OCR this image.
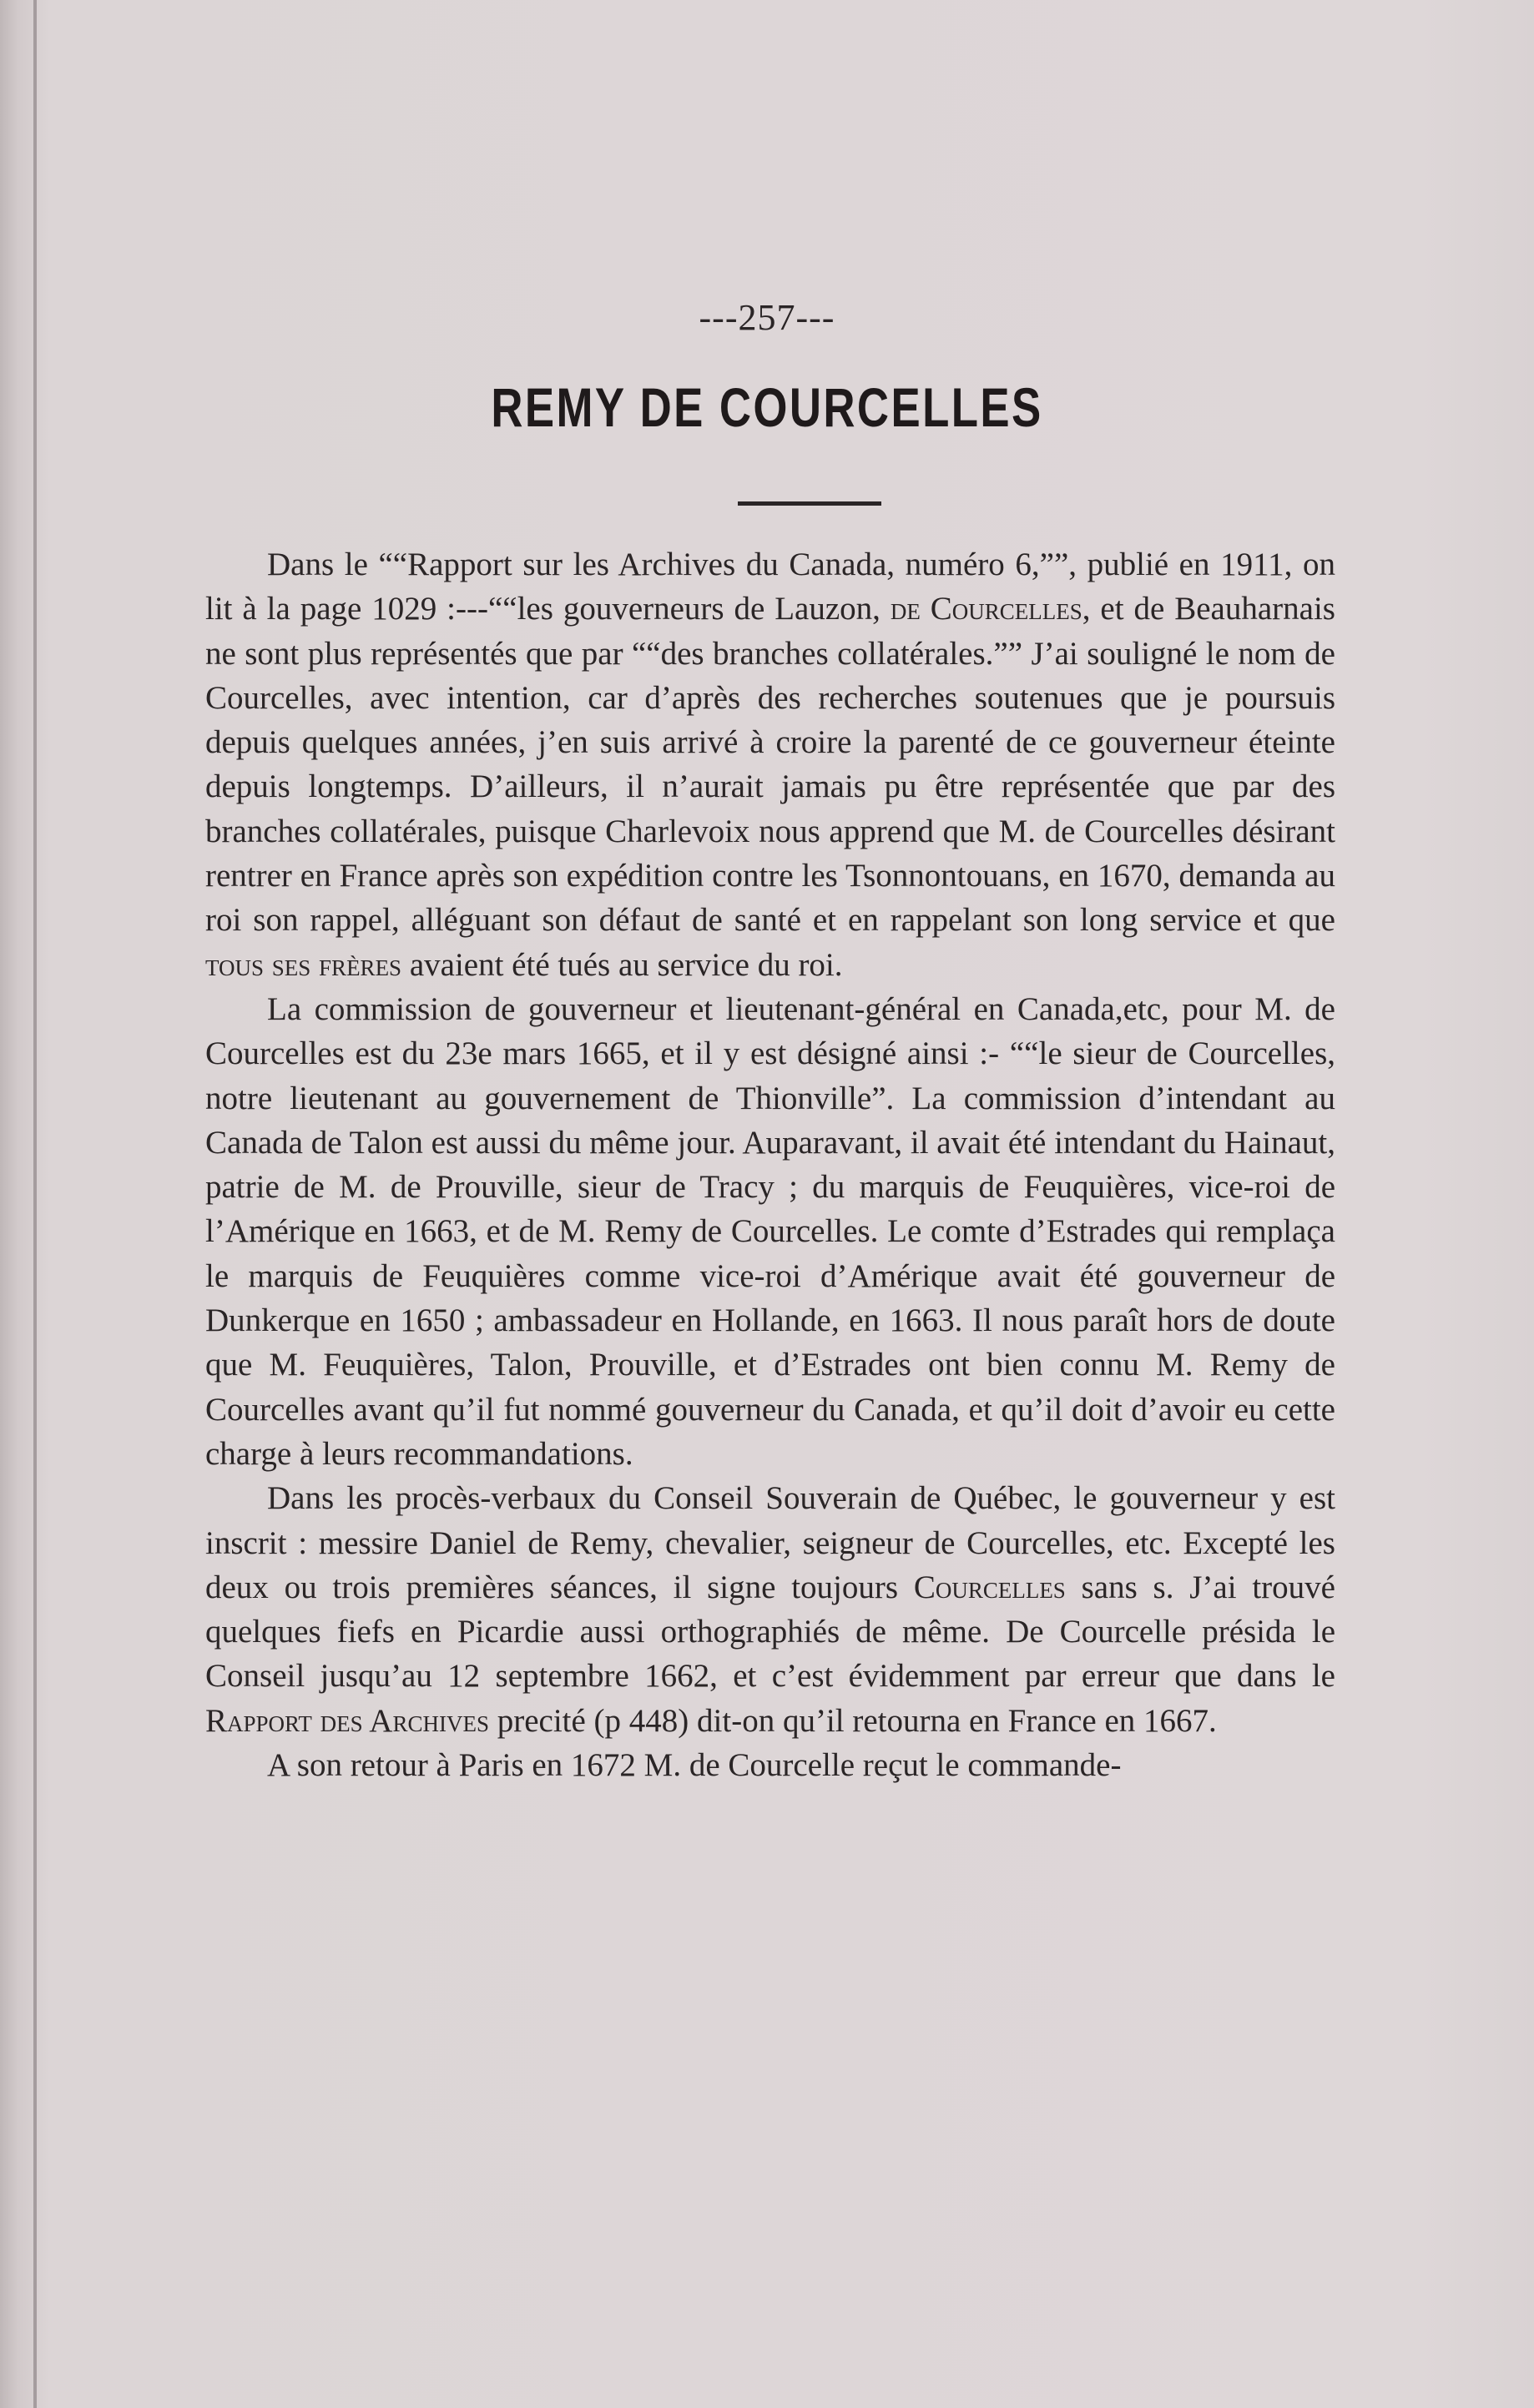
---257---
REMY DE COURCELLES

Dans le ““Rapport sur les Archives du Canada, numéro 6,””, publié en 1911, on lit à la page 1029 :---““les gouverneurs de Lauzon, de Courcelles, et de Beauharnais ne sont plus représentés que par ““des branches collatérales.”” J’ai souligné le nom de Courcelles, avec intention, car d’après des recherches soutenues que je poursuis depuis quelques années, j’en suis arrivé à croire la parenté de ce gouverneur éteinte depuis longtemps. D’ailleurs, il n’aurait jamais pu être représentée que par des branches collatérales, puisque Charlevoix nous apprend que M. de Courcelles désirant rentrer en France après son expédition contre les Tsonnontouans, en 1670, demanda au roi son rappel, alléguant son défaut de santé et en rappelant son long service et que tous ses frères avaient été tués au service du roi.

La commission de gouverneur et lieutenant-général en Canada,etc, pour M. de Courcelles est du 23e mars 1665, et il y est désigné ainsi :- ““le sieur de Courcelles, notre lieutenant au gouvernement de Thionville”. La commission d’intendant au Canada de Talon est aussi du même jour. Auparavant, il avait été intendant du Hainaut, patrie de M. de Prouville, sieur de Tracy ; du marquis de Feuquières, vice-roi de l’Amérique en 1663, et de M. Remy de Courcelles. Le comte d’Estrades qui remplaça le marquis de Feuquières comme vice-roi d’Amérique avait été gouverneur de Dunkerque en 1650 ; ambassadeur en Hollande, en 1663. Il nous paraît hors de doute que M. Feuquières, Talon, Prouville, et d’Estrades ont bien connu M. Remy de Courcelles avant qu’il fut nommé gouverneur du Canada, et qu’il doit d’avoir eu cette charge à leurs recommandations.

Dans les procès-verbaux du Conseil Souverain de Québec, le gouverneur y est inscrit : messire Daniel de Remy, chevalier, seigneur de Courcelles, etc. Excepté les deux ou trois premières séances, il signe toujours Courcelles sans s. J’ai trouvé quelques fiefs en Picardie aussi orthographiés de même. De Courcelle présida le Conseil jusqu’au 12 septembre 1662, et c’est évidemment par erreur que dans le Rapport des Archives precité (p 448) dit-on qu’il retourna en France en 1667.

A son retour à Paris en 1672 M. de Courcelle reçut le commande-
